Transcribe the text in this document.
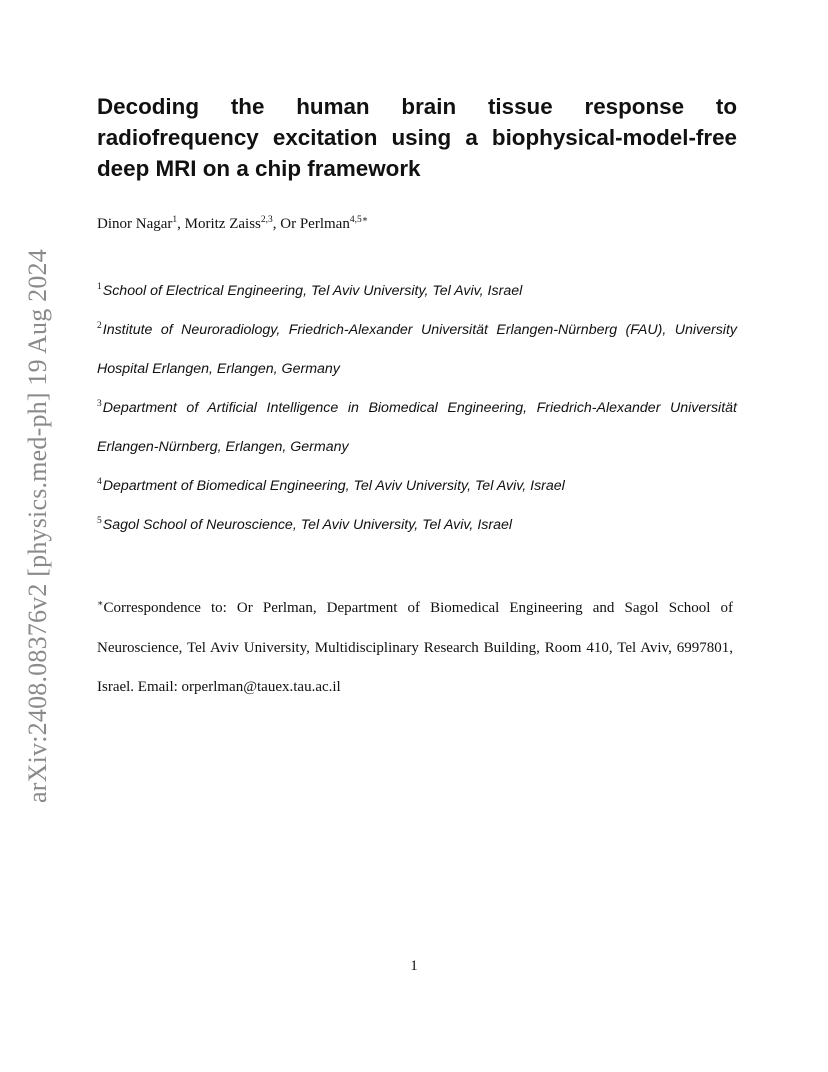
arXiv:2408.08376v2 [physics.med-ph] 19 Aug 2024
Decoding the human brain tissue response to radiofrequency excitation using a biophysical-model-free deep MRI on a chip framework
Dinor Nagar$^1$, Moritz Zaiss$^{2,3}$, Or Perlman$^{4,5∗}$
$^1$School of Electrical Engineering, Tel Aviv University, Tel Aviv, Israel
$^2$Institute of Neuroradiology, Friedrich-Alexander Universität Erlangen-Nürnberg (FAU), University Hospital Erlangen, Erlangen, Germany
$^3$Department of Artificial Intelligence in Biomedical Engineering, Friedrich-Alexander Universität Erlangen-Nürnberg, Erlangen, Germany
$^4$Department of Biomedical Engineering, Tel Aviv University, Tel Aviv, Israel
$^5$Sagol School of Neuroscience, Tel Aviv University, Tel Aviv, Israel
∗Correspondence to: Or Perlman, Department of Biomedical Engineering and Sagol School of Neuroscience, Tel Aviv University, Multidisciplinary Research Building, Room 410, Tel Aviv, 6997801, Israel. Email: orperlman@tauex.tau.ac.il
1
